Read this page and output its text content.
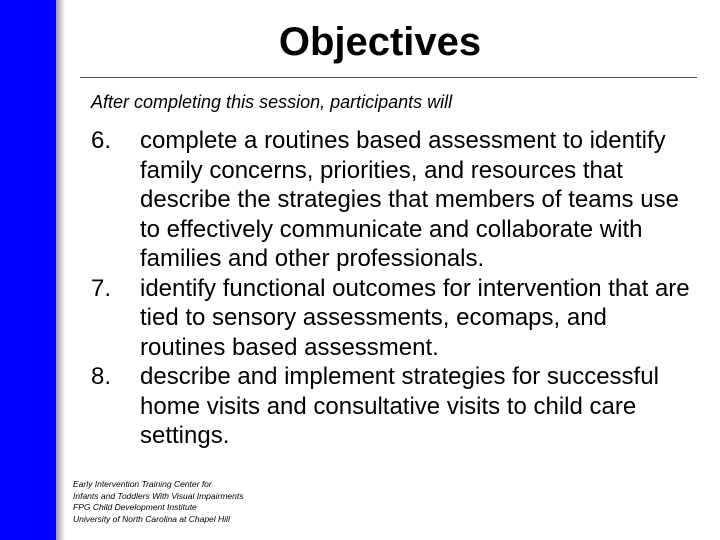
Objectives
After completing this session, participants will
6. complete a routines based assessment to identify family concerns, priorities, and resources that describe the strategies that members of teams use to effectively communicate and collaborate with families and other professionals.
7. identify functional outcomes for intervention that are tied to sensory assessments, ecomaps, and routines based assessment.
8. describe and implement strategies for successful home visits and consultative visits to child care settings.
Early Intervention Training Center for
Infants and Toddlers With Visual Impairments
FPG Child Development Institute
University of North Carolina at Chapel Hill
